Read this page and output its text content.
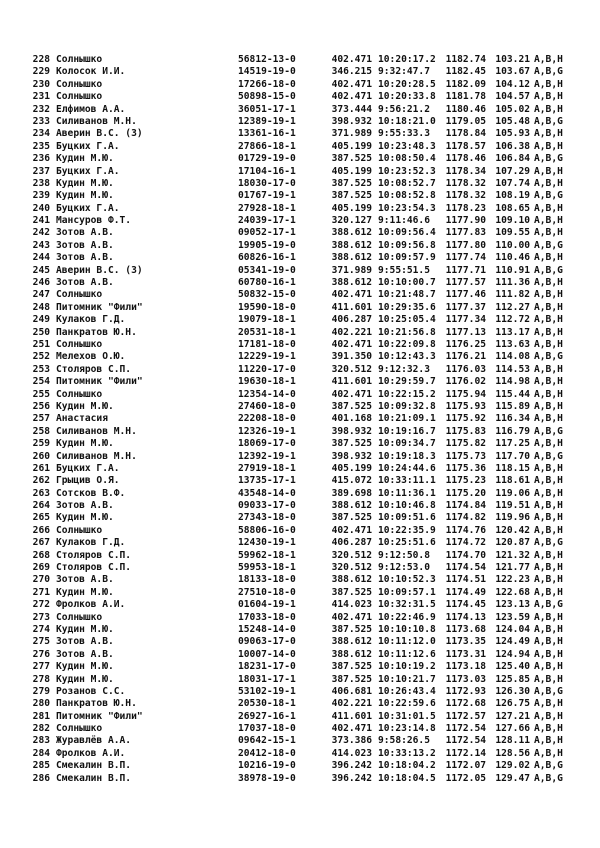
228 Солнышко	56812-13-0	402.471 10:20:17.2	1182.74 103.21 A,B,H
229 Колосок И.И.	14519-19-0	346.215 9:32:47.7	1182.45 103.67 A,B,G
230 Солнышко	17266-18-0	402.471 10:20:28.5	1182.09 104.12 A,B,H
231 Солнышко	50898-15-0	402.471 10:20:33.8	1181.78 104.57 A,B,H
232 Елфимов А.А.	36051-17-1	373.444 9:56:21.2	1180.46 105.02 A,B,H
233 Силиванов М.Н.	12389-19-1	398.932 10:18:21.0	1179.05 105.48 A,B,G
234 Аверин В.С. (3)	13361-16-1	371.989 9:55:33.3	1178.84 105.93 A,B,H
235 Буцких Г.А.	27866-18-1	405.199 10:23:48.3	1178.57 106.38 A,B,H
236 Кудин М.Ю.	01729-19-0	387.525 10:08:50.4	1178.46 106.84 A,B,G
237 Буцких Г.А.	17104-16-1	405.199 10:23:52.3	1178.34 107.29 A,B,H
238 Кудин М.Ю.	18030-17-0	387.525 10:08:52.7	1178.32 107.74 A,B,H
239 Кудин М.Ю.	01767-19-1	387.525 10:08:52.8	1178.32 108.19 A,B,G
240 Буцких Г.А.	27928-18-1	405.199 10:23:54.3	1178.23 108.65 A,B,H
241 Мансуров Ф.Т.	24039-17-1	320.127 9:11:46.6	1177.90 109.10 A,B,H
242 Зотов А.В.	09052-17-1	388.612 10:09:56.4	1177.83 109.55 A,B,H
243 Зотов А.В.	19905-19-0	388.612 10:09:56.8	1177.80 110.00 A,B,G
244 Зотов А.В.	60826-16-1	388.612 10:09:57.9	1177.74 110.46 A,B,H
245 Аверин В.С. (3)	05341-19-0	371.989 9:55:51.5	1177.71 110.91 A,B,G
246 Зотов А.В.	60780-16-1	388.612 10:10:00.7	1177.57 111.36 A,B,H
247 Солнышко	50832-15-0	402.471 10:21:48.7	1177.46 111.82 A,B,H
248 Питомник "Фили"	19590-18-0	411.601 10:29:35.6	1177.37 112.27 A,B,H
249 Кулаков Г.Д.	19079-18-1	406.287 10:25:05.4	1177.34 112.72 A,B,H
250 Панкратов Ю.Н.	20531-18-1	402.221 10:21:56.8	1177.13 113.17 A,B,H
251 Солнышко	17181-18-0	402.471 10:22:09.8	1176.25 113.63 A,B,H
252 Мелехов О.Ю.	12229-19-1	391.350 10:12:43.3	1176.21 114.08 A,B,G
253 Столяров С.П.	11220-17-0	320.512 9:12:32.3	1176.03 114.53 A,B,H
254 Питомник "Фили"	19630-18-1	411.601 10:29:59.7	1176.02 114.98 A,B,H
255 Солнышко	12354-14-0	402.471 10:22:15.2	1175.94 115.44 A,B,H
256 Кудин М.Ю.	27460-18-0	387.525 10:09:32.8	1175.93 115.89 A,B,H
257 Анастасия	22208-18-0	401.168 10:21:09.1	1175.92 116.34 A,B,H
258 Силиванов М.Н.	12326-19-1	398.932 10:19:16.7	1175.83 116.79 A,B,G
259 Кудин М.Ю.	18069-17-0	387.525 10:09:34.7	1175.82 117.25 A,B,H
260 Силиванов М.Н.	12392-19-1	398.932 10:19:18.3	1175.73 117.70 A,B,G
261 Буцких Г.А.	27919-18-1	405.199 10:24:44.6	1175.36 118.15 A,B,H
262 Грыцив О.Я.	13735-17-1	415.072 10:33:11.1	1175.23 118.61 A,B,H
263 Сотсков В.Ф.	43548-14-0	389.698 10:11:36.1	1175.20 119.06 A,B,H
264 Зотов А.В.	09033-17-0	388.612 10:10:46.8	1174.84 119.51 A,B,H
265 Кудин М.Ю.	27343-18-0	387.525 10:09:51.6	1174.82 119.96 A,B,H
266 Солнышко	58806-16-0	402.471 10:22:35.9	1174.76 120.42 A,B,H
267 Кулаков Г.Д.	12430-19-1	406.287 10:25:51.6	1174.72 120.87 A,B,G
268 Столяров С.П.	59962-18-1	320.512 9:12:50.8	1174.70 121.32 A,B,H
269 Столяров С.П.	59953-18-1	320.512 9:12:53.0	1174.54 121.77 A,B,H
270 Зотов А.В.	18133-18-0	388.612 10:10:52.3	1174.51 122.23 A,B,H
271 Кудин М.Ю.	27510-18-0	387.525 10:09:57.1	1174.49 122.68 A,B,H
272 Фролков А.И.	01604-19-1	414.023 10:32:31.5	1174.45 123.13 A,B,G
273 Солнышко	17033-18-0	402.471 10:22:46.9	1174.13 123.59 A,B,H
274 Кудин М.Ю.	15248-14-0	387.525 10:10:10.8	1173.68 124.04 A,B,H
275 Зотов А.В.	09063-17-0	388.612 10:11:12.0	1173.35 124.49 A,B,H
276 Зотов А.В.	10007-14-0	388.612 10:11:12.6	1173.31 124.94 A,B,H
277 Кудин М.Ю.	18231-17-0	387.525 10:10:19.2	1173.18 125.40 A,B,H
278 Кудин М.Ю.	18031-17-1	387.525 10:10:21.7	1173.03 125.85 A,B,H
279 Розанов С.С.	53102-19-1	406.681 10:26:43.4	1172.93 126.30 A,B,G
280 Панкратов Ю.Н.	20530-18-1	402.221 10:22:59.6	1172.68 126.75 A,B,H
281 Питомник "Фили"	26927-16-1	411.601 10:31:01.5	1172.57 127.21 A,B,H
282 Солнышко	17037-18-0	402.471 10:23:14.8	1172.54 127.66 A,B,H
283 Журавлёв А.А.	09642-15-1	373.386 9:58:26.5	1172.54 128.11 A,B,H
284 Фролков А.И.	20412-18-0	414.023 10:33:13.2	1172.14 128.56 A,B,H
285 Смекалин В.П.	10216-19-0	396.242 10:18:04.2	1172.07 129.02 A,B,G
286 Смекалин В.П.	38978-19-0	396.242 10:18:04.5	1172.05 129.47 A,B,G
